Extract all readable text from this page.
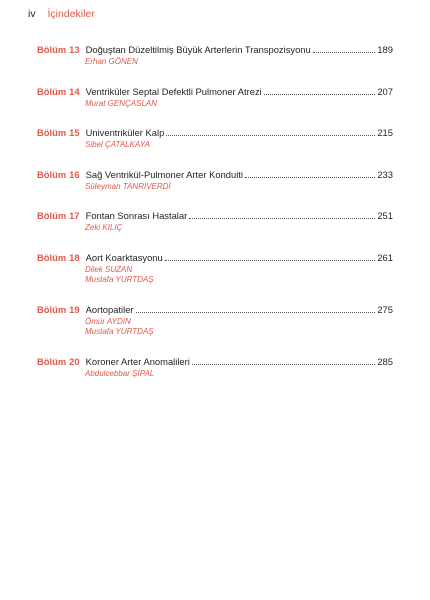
iv İçindekiler
Bölüm 13 Doğuştan Düzeltilmiş Büyük Arterlerin Transpozisyonu	189
Erhan GÖNEN
Bölüm 14 Ventriküler Septal Defektli Pulmoner Atrezi	207
Murat GENÇASLAN
Bölüm 15 Univentriküler Kalp	215
Sibel ÇATALKAYA
Bölüm 16 Sağ Ventrikül-Pulmoner Arter Konduiti	233
Süleyman TANRIVERDİ
Bölüm 17 Fontan Sonrası Hastalar	251
Zeki KILIÇ
Bölüm 18 Aort Koarktasyonu	261
Dilek SUZAN
Mustafa YURTDAŞ
Bölüm 19 Aortopatiler	275
Ömür AYDIN
Mustafa YURTDAŞ
Bölüm 20 Koroner Arter Anomalileri	285
Abdulcebbar ŞİPAL
